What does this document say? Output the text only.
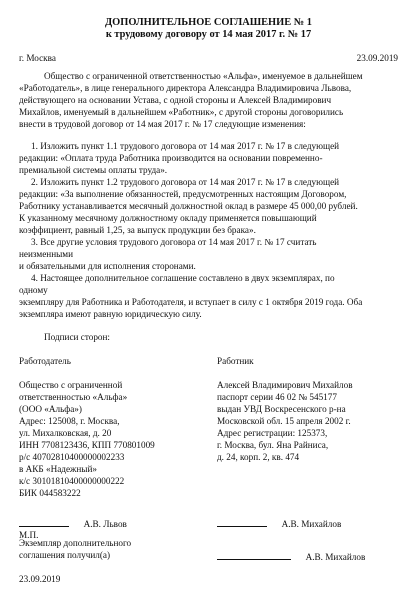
ДОПОЛНИТЕЛЬНОЕ СОГЛАШЕНИЕ № 1
к трудовому договору от 14 мая 2017 г. № 17
г. Москва	23.09.2019
Общество с ограниченной ответственностью «Альфа», именуемое в дальнейшем
«Работодатель», в лице генерального директора Александра Владимировича Львова,
действующего на основании Устава, с одной стороны и Алексей Владимирович
Михайлов, именуемый в дальнейшем «Работник», с другой стороны договорились
внести в трудовой договор от 14 мая 2017 г. № 17 следующие изменения:
1. Изложить пункт 1.1 трудового договора от 14 мая 2017 г. № 17 в следующей
редакции: «Оплата труда Работника производится на основании повременно-
премиальной системы оплаты труда».
2. Изложить пункт 1.2 трудового договора от 14 мая 2017 г. № 17 в следующей
редакции: «За выполнение обязанностей, предусмотренных настоящим Договором,
Работнику устанавливается месячный должностной оклад в размере 45 000,00 рублей.
К указанному месячному должностному окладу применяется повышающий
коэффициент, равный 1,25, за выпуск продукции без брака».
3. Все другие условия трудового договора от 14 мая 2017 г. № 17 считать
неизменными
и обязательными для исполнения сторонами.
4. Настоящее дополнительное соглашение составлено в двух экземплярах, по
одному
экземпляру для Работника и Работодателя, и вступает в силу с 1 октября 2019 года. Оба
экземпляра имеют равную юридическую силу.
Подписи сторон:
Работодатель
Общество с ограниченной
ответственностью «Альфа»
(ООО «Альфа»)
Адрес: 125008, г. Москва,
ул. Михалковская, д. 20
ИНН 7708123436, КПП 770801009
р/с 40702810400000002233
в АКБ «Надежный»
к/с 30101810400000000222
БИК 044583222
А.В. Львов
М.П.
Работник
Алексей Владимирович Михайлов
паспорт серии 46 02 № 545177
выдан УВД Воскресенского р-на
Московской обл. 15 апреля 2002 г.
Адрес регистрации: 125373,
г. Москва, бул. Яна Райниса,
д. 24, корп. 2, кв. 474
А.В. Михайлов
Экземпляр дополнительного
соглашения получил(а)	А.В. Михайлов
23.09.2019
